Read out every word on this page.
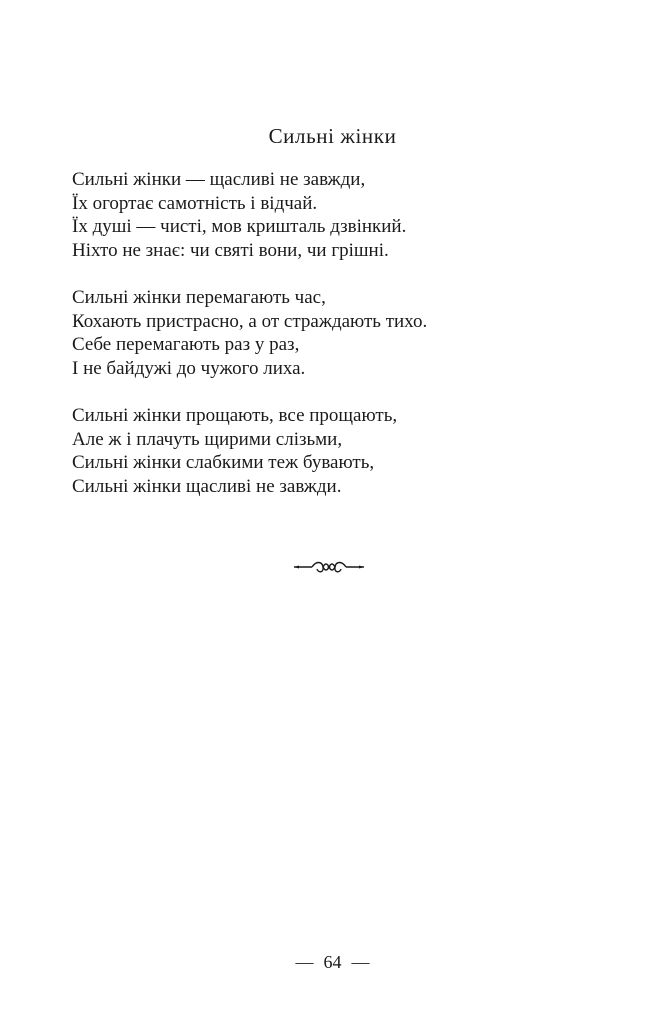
Сильні жінки
Сильні жінки — щасливі не завжди,
Їх огортає самотність і відчай.
Їх душі — чисті, мов кришталь дзвінкий.
Ніхто не знає: чи святі вони, чи грішні.
Сильні жінки перемагають час,
Кохають пристрасно, а от страждають тихо.
Себе перемагають раз у раз,
І не байдужі до чужого лиха.
Сильні жінки прощають, все прощають,
Але ж і плачуть щирими слізьми,
Сильні жінки слабкими теж бувають,
Сильні жінки щасливі не завжди.
— 64 —
